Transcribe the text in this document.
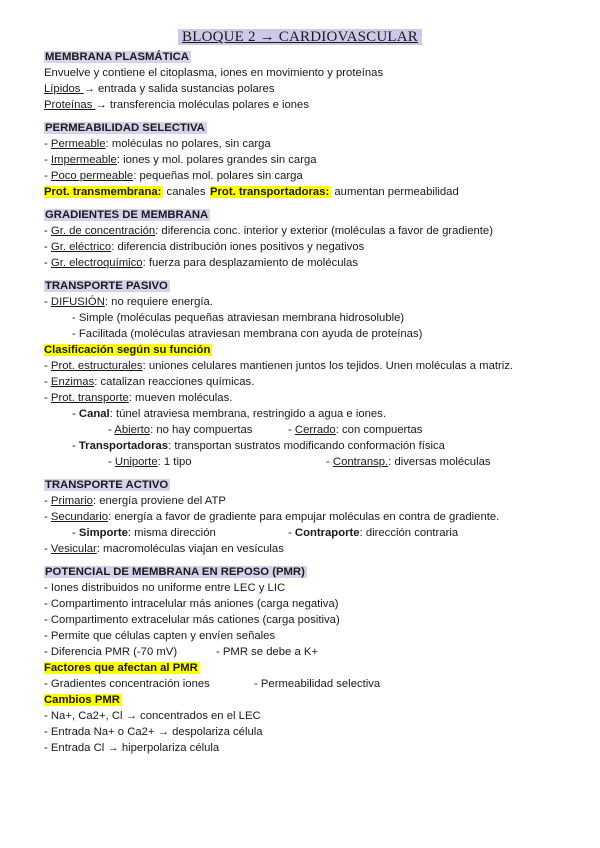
BLOQUE 2 → CARDIOVASCULAR
MEMBRANA PLASMÁTICA
Envuelve y contiene el citoplasma, iones en movimiento y proteínas
Lípidos → entrada y salida sustancias polares
Proteínas → transferencia moléculas polares e iones
PERMEABILIDAD SELECTIVA
- Permeable: moléculas no polares, sin carga
- Impermeable: iones y mol. polares grandes sin carga
- Poco permeable: pequeñas mol. polares sin carga
Prot. transmembrana: canales Prot. transportadoras: aumentan permeabilidad
GRADIENTES DE MEMBRANA
- Gr. de concentración: diferencia conc. interior y exterior (moléculas a favor de gradiente)
- Gr. eléctrico: diferencia distribución iones positivos y negativos
- Gr. electroquímico: fuerza para desplazamiento de moléculas
TRANSPORTE PASIVO
- DIFUSIÓN: no requiere energía.
- Simple (moléculas pequeñas atraviesan membrana hidrosoluble)
- Facilitada (moléculas atraviesan membrana con ayuda de proteínas)
Clasificación según su función
- Prot. estructurales: uniones celulares mantienen juntos los tejidos. Unen moléculas a matriz.
- Enzimas: catalizan reacciones químicas.
- Prot. transporte: mueven moléculas.
- Canal: túnel atraviesa membrana, restringido a agua e iones.
- Abierto: no hay compuertas	- Cerrado: con compuertas
- Transportadoras: transportan sustratos modificando conformación física
- Uniporte: 1 tipo	- Contransp.: diversas moléculas
TRANSPORTE ACTIVO
- Primario: energía proviene del ATP
- Secundario: energía a favor de gradiente para empujar moléculas en contra de gradiente.
- Simporte: misma dirección	- Contraporte: dirección contraria
- Vesicular: macromoléculas viajan en vesículas
POTENCIAL DE MEMBRANA EN REPOSO (PMR)
- Iones distribuidos no uniforme entre LEC y LIC
- Compartimento intracelular más aniones (carga negativa)
- Compartimento extracelular más cationes (carga positiva)
- Permite que células capten y envíen señales
- Diferencia PMR (-70 mV)	- PMR se debe a K+
Factores que afectan al PMR
- Gradientes concentración iones	- Permeabilidad selectiva
Cambios PMR
- Na+, Ca2+, Cl → concentrados en el LEC
- Entrada Na+ o Ca2+ → despolariza célula
- Entrada Cl → hiperpolariza célula
